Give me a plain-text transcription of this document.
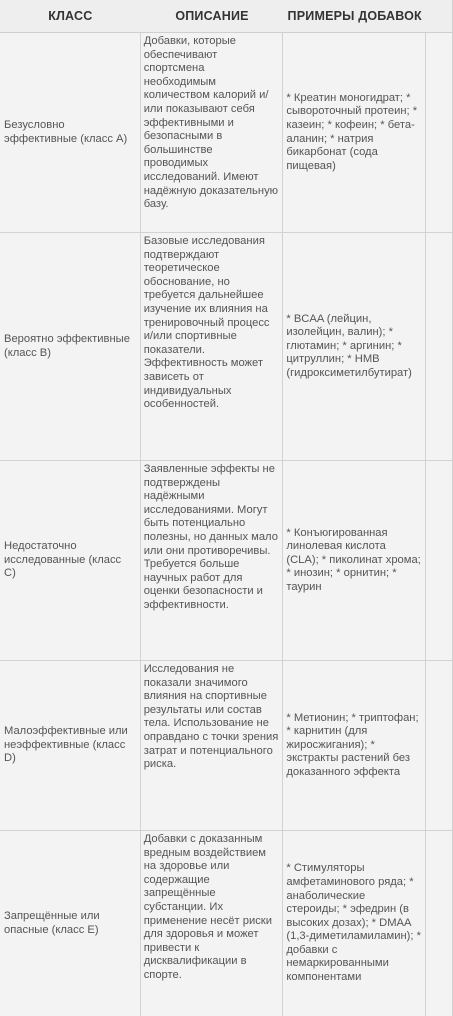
КЛАСС	ОПИСАНИЕ	ПРИМЕРЫ ДОБАВОК
Безусловно эффективные (класс A)
Добавки, которые обеспечивают спортсмена необходимым количеством калорий и/или показывают себя эффективными и безопасными в большинстве проводимых исследований. Имеют надёжную доказательную базу.
* Креатин моногидрат; * сывороточный протеин; * казеин; * кофеин; * бета-аланин; * натрия бикарбонат (сода пищевая)
Вероятно эффективные (класс B)
Базовые исследования подтверждают теоретическое обоснование, но требуется дальнейшее изучение их влияния на тренировочный процесс и/или спортивные показатели. Эффективность может зависеть от индивидуальных особенностей.
* BCAA (лейцин, изолейцин, валин); * глютамин; * аргинин; * цитруллин; * HMB (гидроксиметилбутират)
Недостаточно исследованные (класс C)
Заявленные эффекты не подтверждены надёжными исследованиями. Могут быть потенциально полезны, но данных мало или они противоречивы. Требуется больше научных работ для оценки безопасности и эффективности.
* Конъюгированная линолевая кислота (CLA); * пиколинат хрома; * инозин; * орнитин; * таурин
Малоэффективные или неэффективные (класс D)
Исследования не показали значимого влияния на спортивные результаты или состав тела. Использование не оправдано с точки зрения затрат и потенциального риска.
* Метионин; * триптофан; * карнитин (для жиросжигания); * экстракты растений без доказанного эффекта
Запрещённые или опасные (класс E)
Добавки с доказанным вредным воздействием на здоровье или содержащие запрещённые субстанции. Их применение несёт риски для здоровья и может привести к дисквалификации в спорте.
* Стимуляторы амфетаминового ряда; * анаболические стероиды; * эфедрин (в высоких дозах); * DMAA (1,3-диметиламиламин); * добавки с немаркированными компонентами
